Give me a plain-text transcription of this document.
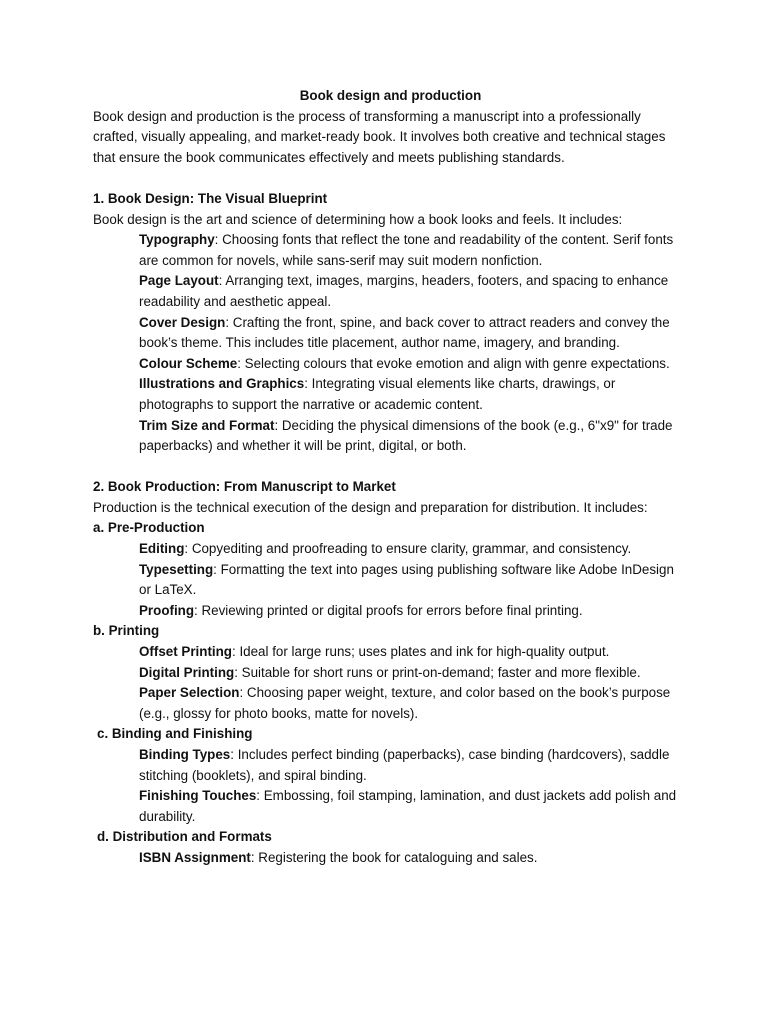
Book design and production

Book design and production is the process of transforming a manuscript into a professionally crafted, visually appealing, and market-ready book. It involves both creative and technical stages that ensure the book communicates effectively and meets publishing standards.

1. Book Design: The Visual Blueprint

Book design is the art and science of determining how a book looks and feels. It includes:

Typography: Choosing fonts that reflect the tone and readability of the content. Serif fonts are common for novels, while sans-serif may suit modern nonfiction.

Page Layout: Arranging text, images, margins, headers, footers, and spacing to enhance readability and aesthetic appeal.

Cover Design: Crafting the front, spine, and back cover to attract readers and convey the book’s theme. This includes title placement, author name, imagery, and branding.

Colour Scheme: Selecting colours that evoke emotion and align with genre expectations.

Illustrations and Graphics: Integrating visual elements like charts, drawings, or photographs to support the narrative or academic content.

Trim Size and Format: Deciding the physical dimensions of the book (e.g., 6"x9" for trade paperbacks) and whether it will be print, digital, or both.

2. Book Production: From Manuscript to Market

Production is the technical execution of the design and preparation for distribution. It includes:

a. Pre-Production

Editing: Copyediting and proofreading to ensure clarity, grammar, and consistency.

Typesetting: Formatting the text into pages using publishing software like Adobe InDesign or LaTeX.

Proofing: Reviewing printed or digital proofs for errors before final printing.

b. Printing

Offset Printing: Ideal for large runs; uses plates and ink for high-quality output.

Digital Printing: Suitable for short runs or print-on-demand; faster and more flexible.

Paper Selection: Choosing paper weight, texture, and color based on the book’s purpose (e.g., glossy for photo books, matte for novels).

c. Binding and Finishing

Binding Types: Includes perfect binding (paperbacks), case binding (hardcovers), saddle stitching (booklets), and spiral binding.

Finishing Touches: Embossing, foil stamping, lamination, and dust jackets add polish and durability.

d. Distribution and Formats

ISBN Assignment: Registering the book for cataloguing and sales.
